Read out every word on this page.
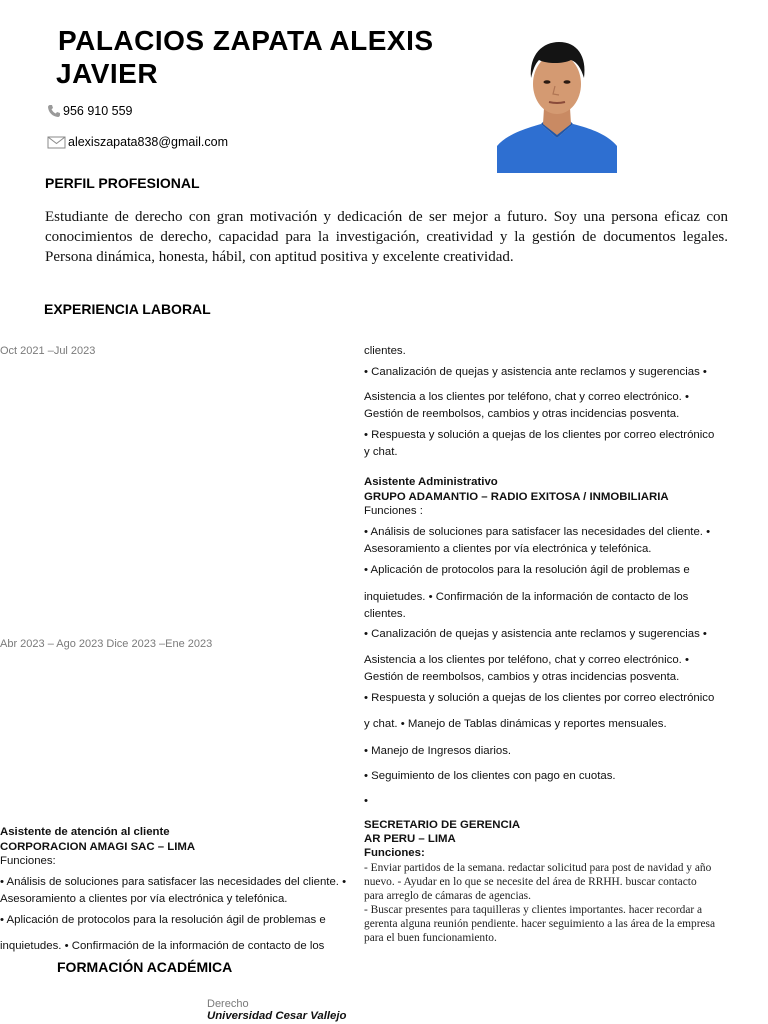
PALACIOS ZAPATA ALEXIS
JAVIER
956 910 559
alexiszapata838@gmail.com
PERFIL PROFESIONAL
Estudiante de derecho con gran motivación y dedicación de ser mejor a futuro. Soy una persona eficaz con conocimientos de derecho, capacidad para la investigación, creatividad y la gestión de documentos legales. Persona dinámica, honesta, hábil, con aptitud positiva y excelente creatividad.
EXPERIENCIA LABORAL
Oct 2021 –Jul 2023
Abr 2023 – Ago 2023 Dice 2023 –Ene 2023
clientes.
• Canalización de quejas y asistencia ante reclamos y sugerencias •
Asistencia a los clientes por teléfono, chat y correo electrónico. •
Gestión de reembolsos, cambios y otras incidencias posventa.
• Respuesta y solución a quejas de los clientes por correo electrónico
y chat.
Asistente Administrativo
GRUPO ADAMANTIO – RADIO EXITOSA / INMOBILIARIA
Funciones :
• Análisis de soluciones para satisfacer las necesidades del cliente. •
Asesoramiento a clientes por vía electrónica y telefónica.
• Aplicación de protocolos para la resolución ágil de problemas e
inquietudes. • Confirmación de la información de contacto de los
clientes.
• Canalización de quejas y asistencia ante reclamos y sugerencias •
Asistencia a los clientes por teléfono, chat y correo electrónico. •
Gestión de reembolsos, cambios y otras incidencias posventa.
• Respuesta y solución a quejas de los clientes por correo electrónico
y chat. • Manejo de Tablas dinámicas y reportes mensuales.
• Manejo de Ingresos diarios.
• Seguimiento de los clientes con pago en cuotas.
•
SECRETARIO DE GERENCIA
AR PERU – LIMA
Funciones:
- Enviar partidos de la semana. redactar solicitud para post de navidad y año
nuevo. - Ayudar en lo que se necesite del área de RRHH. buscar contacto
para arreglo de cámaras de agencias.
- Buscar presentes para taquilleras y clientes importantes. hacer recordar a
gerenta alguna reunión pendiente. hacer seguimiento a las área de la empresa
para el buen funcionamiento.
Asistente de atención al cliente
CORPORACION AMAGI SAC – LIMA
Funciones:
• Análisis de soluciones para satisfacer las necesidades del cliente. •
Asesoramiento a clientes por vía electrónica y telefónica.
• Aplicación de protocolos para la resolución ágil de problemas e
inquietudes. • Confirmación de la información de contacto de los
FORMACIÓN ACADÉMICA
Derecho
Universidad Cesar Vallejo
